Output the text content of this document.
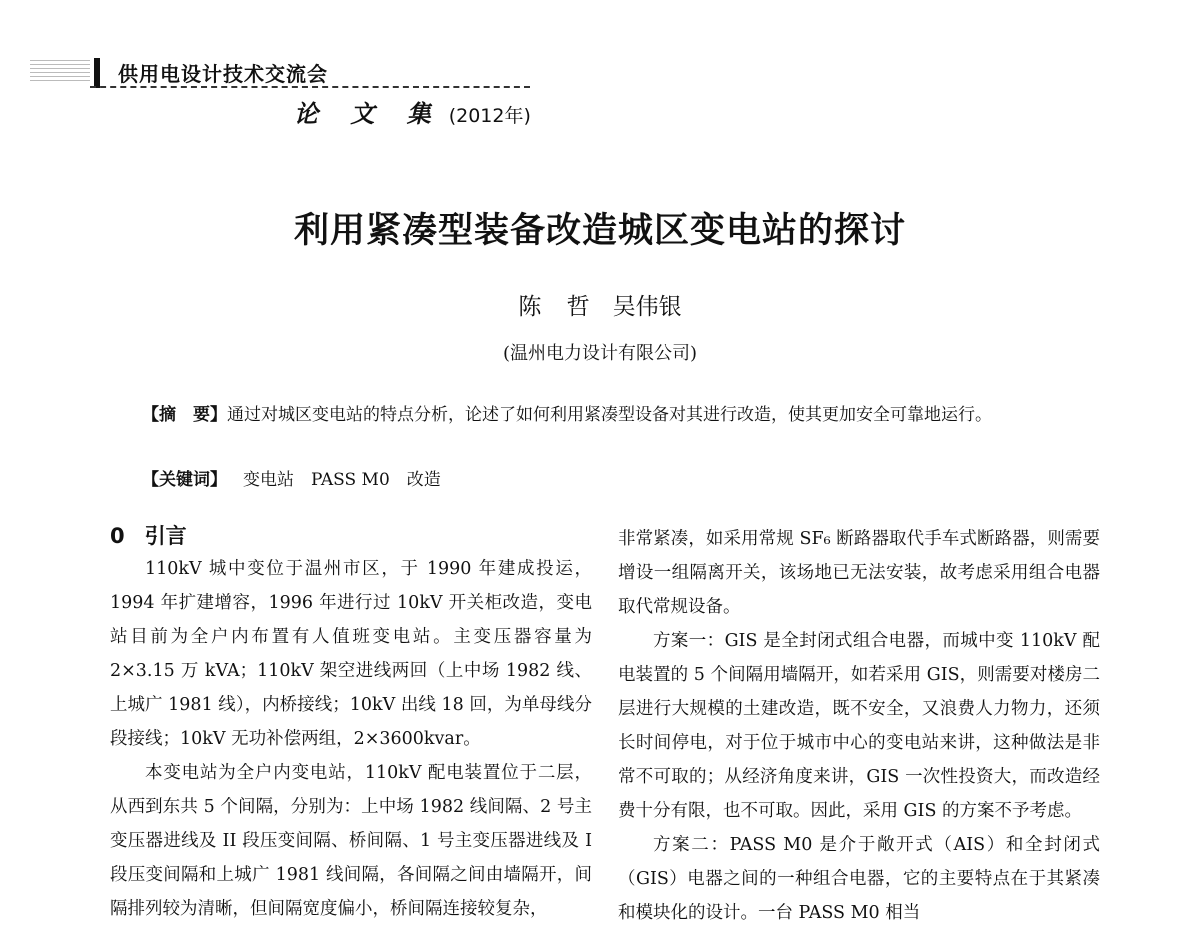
供用电设计技术交流会
论 文 集 (2012年)
利用紧凑型装备改造城区变电站的探讨
陈 哲　吴伟银
(温州电力设计有限公司)

【摘　要】通过对城区变电站的特点分析，论述了如何利用紧凑型设备对其进行改造，使其更加安全可靠地运行。

【关键词】 变电站　PASS M0　改造
0 引言

110kV 城中变位于温州市区，于 1990 年建成投运，1994 年扩建增容，1996 年进行过 10kV 开关柜改造，变电站目前为全户内布置有人值班变电站。主变压器容量为 2×3.15 万 kVA；110kV 架空进线两回（上中场 1982 线、上城广 1981 线），内桥接线；10kV 出线 18 回，为单母线分段接线；10kV 无功补偿两组，2×3600kvar。

本变电站为全户内变电站，110kV 配电装置位于二层，从西到东共 5 个间隔，分别为：上中场 1982 线间隔、2 号主变压器进线及 II 段压变间隔、桥间隔、1 号主变压器进线及 I 段压变间隔和上城广 1981 线间隔，各间隔之间由墙隔开，间隔排列较为清晰，但间隔宽度偏小，桥间隔连接较复杂，

非常紧凑，如采用常规 SF₆ 断路器取代手车式断路器，则需要增设一组隔离开关，该场地已无法安装，故考虑采用组合电器取代常规设备。

方案一：GIS 是全封闭式组合电器，而城中变 110kV 配电装置的 5 个间隔用墙隔开，如若采用 GIS，则需要对楼房二层进行大规模的土建改造，既不安全，又浪费人力物力，还须长时间停电，对于位于城市中心的变电站来讲，这种做法是非常不可取的；从经济角度来讲，GIS 一次性投资大，而改造经费十分有限，也不可取。因此，采用 GIS 的方案不予考虑。

方案二：PASS M0 是介于敞开式（AIS）和全封闭式（GIS）电器之间的一种组合电器，它的主要特点在于其紧凑和模块化的设计。一台 PASS M0 相当
